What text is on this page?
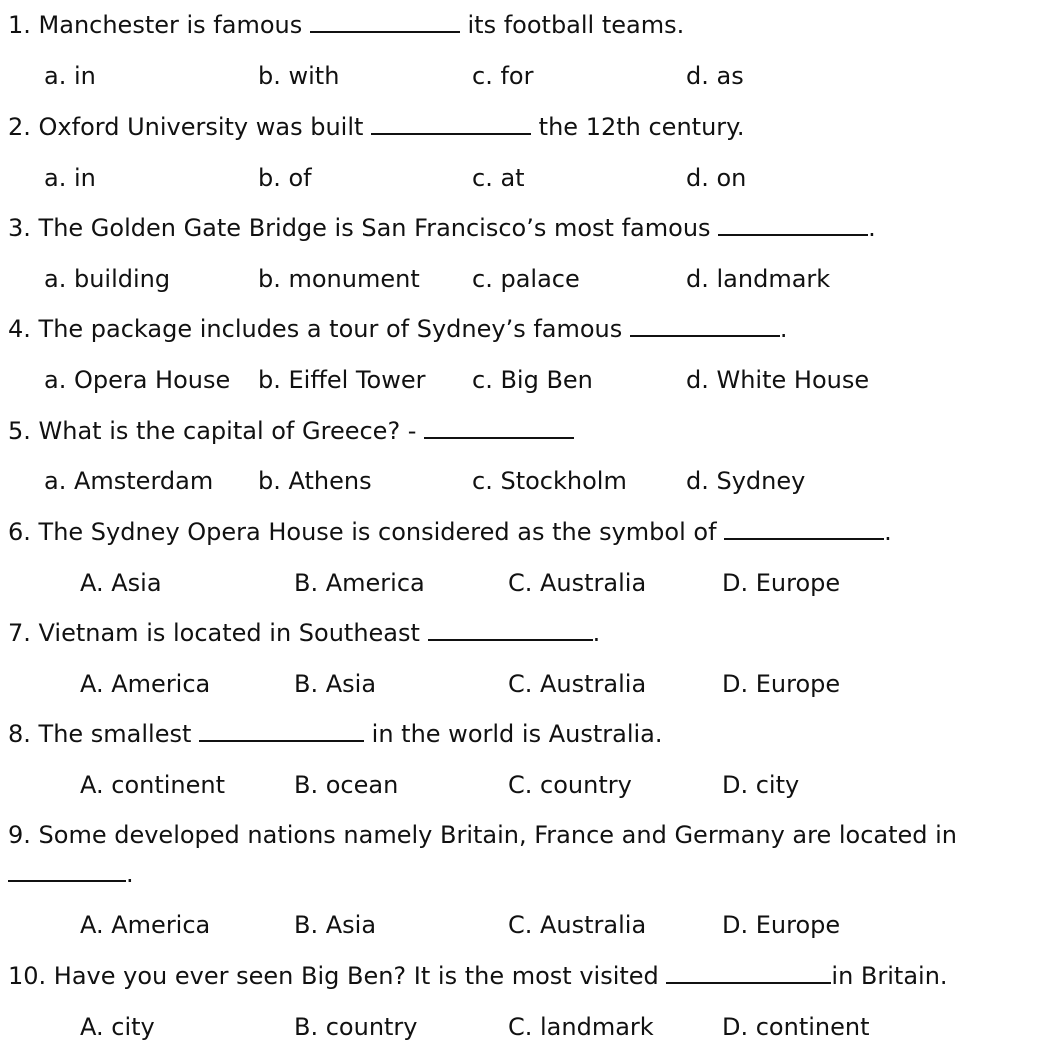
1. Manchester is famous	its football teams.
a. in	b. with	c. for	d. as
2. Oxford University was built	the 12th century.
a. in	b. of	c. at	d. on
3. The Golden Gate Bridge is San Francisco’s most famous	.
a. building	b. monument c. palace	d. landmark
4. The package includes a tour of Sydney’s famous	.
a. Opera House b. Eiffel Tower c. Big Ben	d. White House
5. What is the capital of Greece? -
a. Amsterdam b. Athens	c. Stockholm d. Sydney
6. The Sydney Opera House is considered as the symbol of	.
A. Asia	B. America	C. Australia	D. Europe
7. Vietnam is located in Southeast	.
A. America	B. Asia	C. Australia	D. Europe
8. The smallest	in the world is Australia.
A. continent	B. ocean	C. country	D. city
9. Some developed nations namely Britain, France and Germany are located in
.
A. America	B. Asia	C. Australia	D. Europe
10. Have you ever seen Big Ben? It is the most visited	in Britain.
A. city	B. country	C. landmark	D. continent
